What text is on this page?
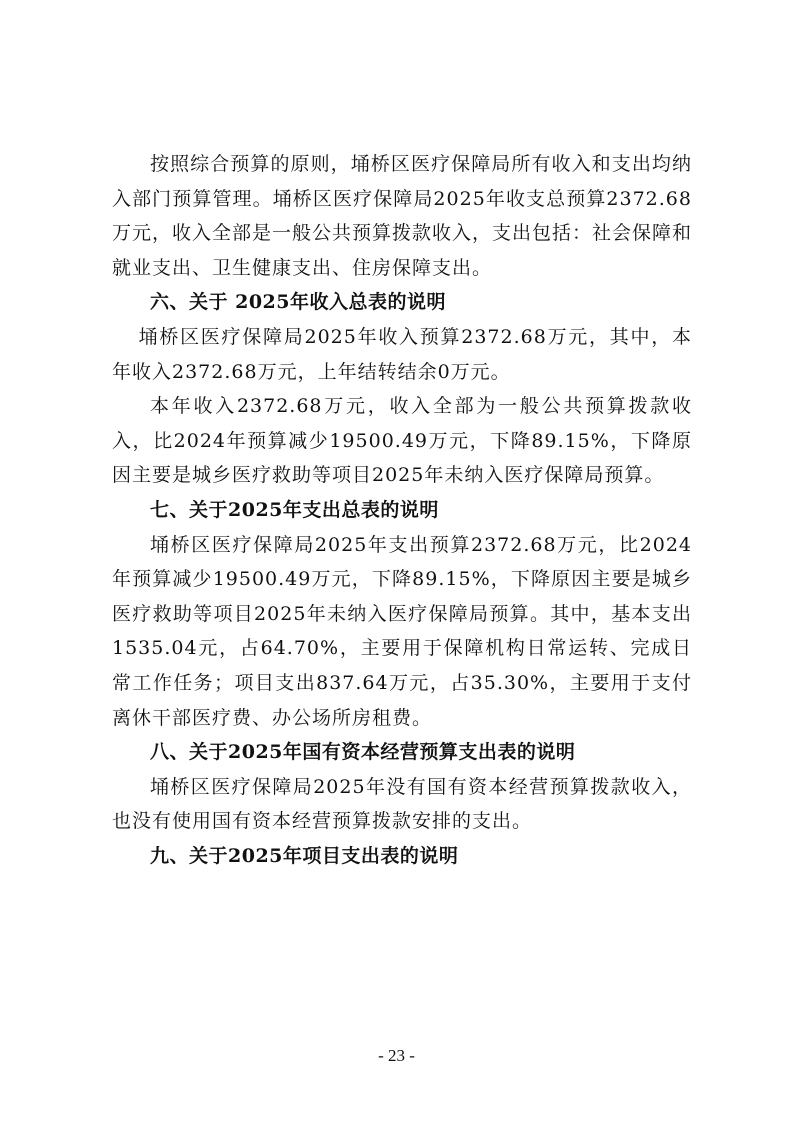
按照综合预算的原则，埇桥区医疗保障局所有收入和支出均纳入部门预算管理。埇桥区医疗保障局2025年收支总预算2372.68万元，收入全部是一般公共预算拨款收入，支出包括：社会保障和就业支出、卫生健康支出、住房保障支出。

六、关于 2025年收入总表的说明

埇桥区医疗保障局2025年收入预算2372.68万元，其中，本年收入2372.68万元，上年结转结余0万元。

本年收入2372.68万元，收入全部为一般公共预算拨款收入，比2024年预算减少19500.49万元，下降89.15%，下降原因主要是城乡医疗救助等项目2025年未纳入医疗保障局预算。

七、关于2025年支出总表的说明

埇桥区医疗保障局2025年支出预算2372.68万元，比2024年预算减少19500.49万元，下降89.15%，下降原因主要是城乡医疗救助等项目2025年未纳入医疗保障局预算。其中，基本支出1535.04元，占64.70%，主要用于保障机构日常运转、完成日常工作任务；项目支出837.64万元，占35.30%，主要用于支付离休干部医疗费、办公场所房租费。

八、关于2025年国有资本经营预算支出表的说明

埇桥区医疗保障局2025年没有国有资本经营预算拨款收入，也没有使用国有资本经营预算拨款安排的支出。

九、关于2025年项目支出表的说明

- 23 -
